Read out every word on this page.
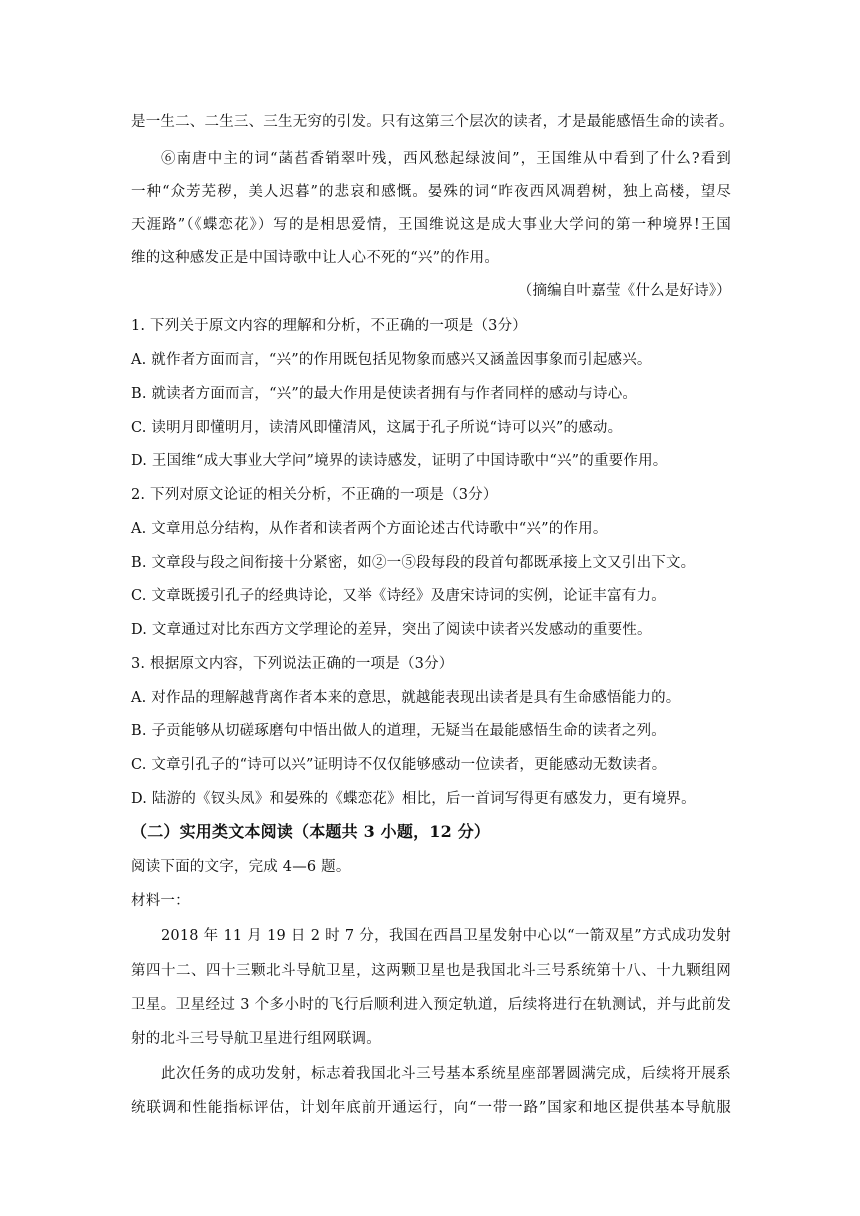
是一生二、二生三、三生无穷的引发。只有这第三个层次的读者，才是最能感悟生命的读者。
⑥南唐中主的词“菡萏香销翠叶残，西风愁起绿波间”，王国维从中看到了什么?看到
一种“众芳芜秽，美人迟暮”的悲哀和感慨。晏殊的词“昨夜西风凋碧树，独上高楼，望尽
天涯路”（《蝶恋花》）写的是相思爱情，王国维说这是成大事业大学问的第一种境界!王国
维的这种感发正是中国诗歌中让人心不死的“兴”的作用。
（摘编自叶嘉莹《什么是好诗》）
1. 下列关于原文内容的理解和分析，不正确的一项是（3分）
A. 就作者方面而言，“兴”的作用既包括见物象而感兴又涵盖因事象而引起感兴。
B. 就读者方面而言，“兴”的最大作用是使读者拥有与作者同样的感动与诗心。
C. 读明月即懂明月，读清风即懂清风，这属于孔子所说“诗可以兴”的感动。
D. 王国维“成大事业大学问”境界的读诗感发，证明了中国诗歌中“兴”的重要作用。
2. 下列对原文论证的相关分析，不正确的一项是（3分）
A. 文章用总分结构，从作者和读者两个方面论述古代诗歌中“兴”的作用。
B. 文章段与段之间衔接十分紧密，如②一⑤段每段的段首句都既承接上文又引出下文。
C. 文章既援引孔子的经典诗论，又举《诗经》及唐宋诗词的实例，论证丰富有力。
D. 文章通过对比东西方文学理论的差异，突出了阅读中读者兴发感动的重要性。
3. 根据原文内容，下列说法正确的一项是（3分）
A. 对作品的理解越背离作者本来的意思，就越能表现出读者是具有生命感悟能力的。
B. 子贡能够从切磋琢磨句中悟出做人的道理，无疑当在最能感悟生命的读者之列。
C. 文章引孔子的“诗可以兴”证明诗不仅仅能够感动一位读者，更能感动无数读者。
D. 陆游的《钗头凤》和晏殊的《蝶恋花》相比，后一首词写得更有感发力，更有境界。
（二）实用类文本阅读（本题共 3 小题，12 分）
阅读下面的文字，完成 4—6 题。
材料一：
2018 年 11 月 19 日 2 时 7 分，我国在西昌卫星发射中心以“一箭双星”方式成功发射
第四十二、四十三颗北斗导航卫星，这两颗卫星也是我国北斗三号系统第十八、十九颗组网
卫星。卫星经过 3 个多小时的飞行后顺利进入预定轨道，后续将进行在轨测试，并与此前发
射的北斗三号导航卫星进行组网联调。
此次任务的成功发射，标志着我国北斗三号基本系统星座部署圆满完成，后续将开展系
统联调和性能指标评估，计划年底前开通运行，向“一带一路”国家和地区提供基本导航服
